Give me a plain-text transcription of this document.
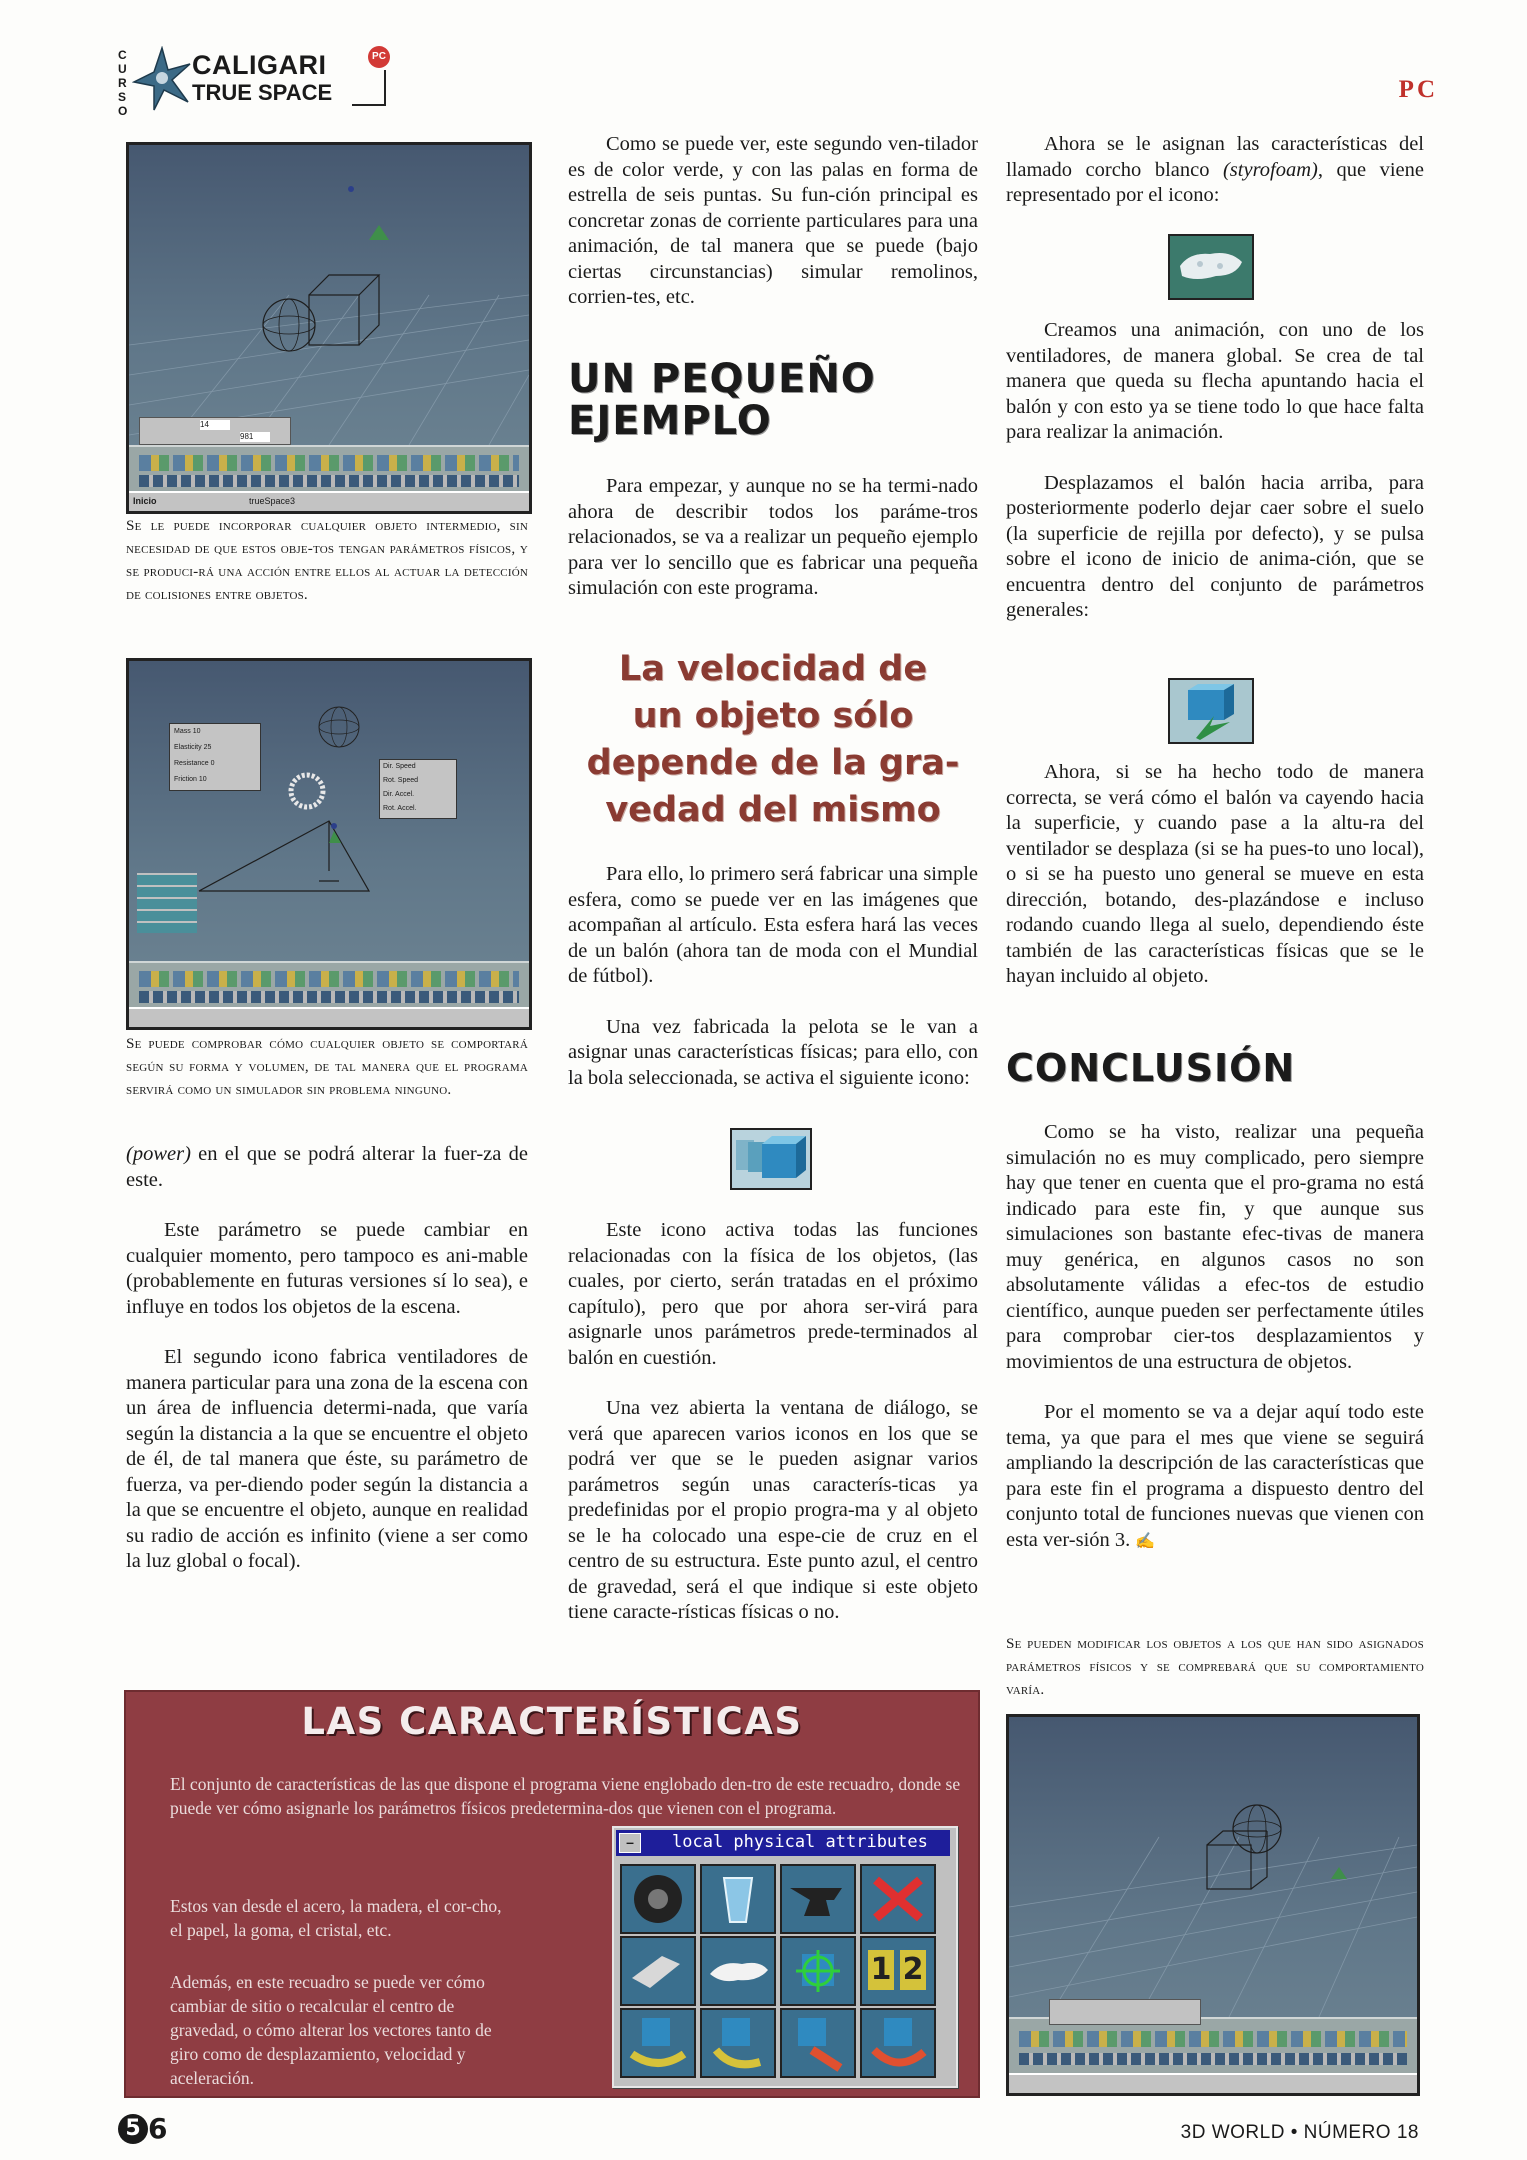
CURSO
CALIGARI
TRUE SPACE
PC
PC
14
981
Inicio	trueSpace3
Se le puede incorporar cualquier objeto intermedio, sin necesidad de que estos obje-tos tengan parámetros físicos, y se produci-rá una acción entre ellos al actuar la detección de colisiones entre objetos.
Mass 10
Elasticity 25
Resistance 0
Friction 10
Dir. Speed
Rot. Speed
Dir. Accel.
Rot. Accel.
Se puede comprobar cómo cualquier objeto se comportará según su forma y volumen, de tal manera que el programa servirá como un simulador sin problema ninguno.

(power) en el que se podrá alterar la fuer-za de este.

Este parámetro se puede cambiar en cualquier momento, pero tampoco es ani-mable (probablemente en futuras versiones sí lo sea), e influye en todos los objetos de la escena.

El segundo icono fabrica ventiladores de manera particular para una zona de la escena con un área de influencia determi-nada, que varía según la distancia a la que se encuentre el objeto de él, de tal manera que éste, su parámetro de fuerza, va per-diendo poder según la distancia a la que se encuentre el objeto, aunque en realidad su radio de acción es infinito (viene a ser como la luz global o focal).

Como se puede ver, este segundo ven-tilador es de color verde, y con las palas en forma de estrella de seis puntas. Su fun-ción principal es concretar zonas de corriente particulares para una animación, de tal manera que se puede (bajo ciertas circunstancias) simular remolinos, corrien-tes, etc.

UN PEQUEÑO
EJEMPLO

Para empezar, y aunque no se ha termi-nado ahora de describir todos los paráme-tros relacionados, se va a realizar un pequeño ejemplo para ver lo sencillo que es fabricar una pequeña simulación con este programa.

La velocidad de
un objeto sólo
depende de la gra-
vedad del mismo

Para ello, lo primero será fabricar una simple esfera, como se puede ver en las imágenes que acompañan al artículo. Esta esfera hará las veces de un balón (ahora tan de moda con el Mundial de fútbol).

Una vez fabricada la pelota se le van a asignar unas características físicas; para ello, con la bola seleccionada, se activa el siguiente icono:

Este icono activa todas las funciones relacionadas con la física de los objetos, (las cuales, por cierto, serán tratadas en el próximo capítulo), pero que por ahora ser-virá para asignarle unos parámetros prede-terminados al balón en cuestión.

Una vez abierta la ventana de diálogo, se verá que aparecen varios iconos en los que se podrá ver que se le pueden asignar varios parámetros según unas caracterís-ticas ya predefinidas por el propio progra-ma y al objeto se le ha colocado una espe-cie de cruz en el centro de su estructura. Este punto azul, el centro de gravedad, será el que indique si este objeto tiene caracte-rísticas físicas o no.

Ahora se le asignan las características del llamado corcho blanco (styrofoam), que viene representado por el icono:

Creamos una animación, con uno de los ventiladores, de manera global. Se crea de tal manera que queda su flecha apuntando hacia el balón y con esto ya se tiene todo lo que hace falta para realizar la animación.

Desplazamos el balón hacia arriba, para posteriormente poderlo dejar caer sobre el suelo (la superficie de rejilla por defecto), y se pulsa sobre el icono de inicio de anima-ción, que se encuentra dentro del conjunto de parámetros generales:

Ahora, si se ha hecho todo de manera correcta, se verá cómo el balón va cayendo hacia la superficie, y cuando pase a la altu-ra del ventilador se desplaza (si se ha pues-to uno local), o si se ha puesto uno general se mueve en esta dirección, botando, des-plazándose e incluso rodando cuando llega al suelo, dependiendo éste también de las características físicas que se le hayan incluido al objeto.

CONCLUSIÓN

Como se ha visto, realizar una pequeña simulación no es muy complicado, pero siempre hay que tener en cuenta que el pro-grama no está indicado para este fin, y que aunque sus simulaciones son bastante efec-tivas de manera muy genérica, en algunos casos no son absolutamente válidas a efec-tos de estudio científico, aunque pueden ser perfectamente útiles para comprobar cier-tos desplazamientos y movimientos de una estructura de objetos.

Por el momento se va a dejar aquí todo este tema, ya que para el mes que viene se seguirá ampliando la descripción de las características que para este fin el programa a dispuesto dentro del conjunto total de funciones nuevas que vienen con esta ver-sión 3. ✍

Se pueden modificar los objetos a los que han sido asignados parámetros físicos y se comprebará que su comportamiento varía.
LAS CARACTERÍSTICAS
El conjunto de características de las que dispone el programa viene englobado den-tro de este recuadro, donde se puede ver cómo asignarle los parámetros físicos predetermina-dos que vienen con el programa.
Estos van desde el acero, la madera, el cor-cho, el papel, la goma, el cristal, etc.
Además, en este recuadro se puede ver cómo cambiar de sitio o recalcular el centro de gravedad, o cómo alterar los vectores tanto de giro como de desplazamiento, velocidad y aceleración.
–	local physical attributes
1 2
5 6	3D WORLD • NÚMERO 18
